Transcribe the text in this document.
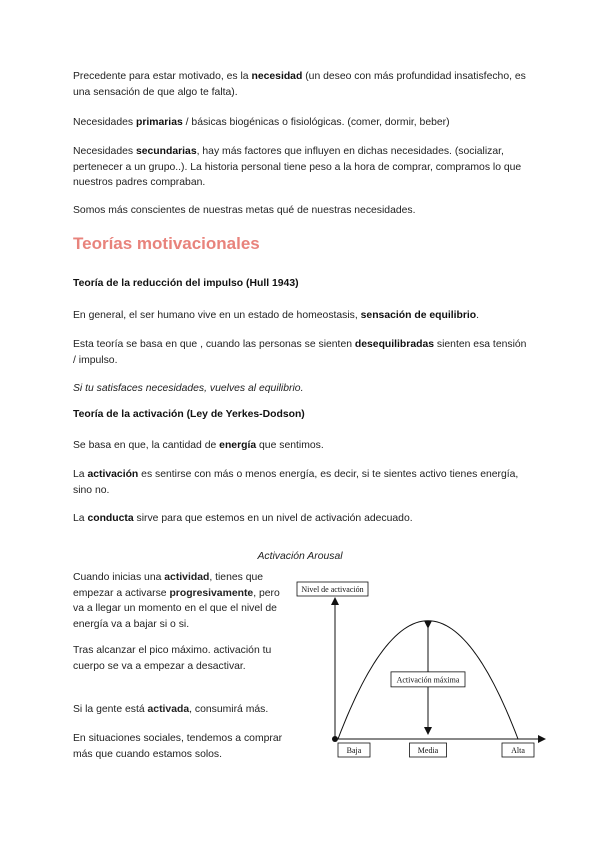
Precedente para estar motivado, es la necesidad (un deseo con más profundidad insatisfecho, es una sensación de que algo te falta).

Necesidades primarias / básicas biogénicas o fisiológicas. (comer, dormir, beber)

Necesidades secundarias, hay más factores que influyen en dichas necesidades. (socializar, pertenecer a un grupo..). La historia personal tiene peso a la hora de comprar, compramos lo que nuestros padres compraban.

Somos más conscientes de nuestras metas qué de nuestras necesidades.

Teorías motivacionales

Teoría de la reducción del impulso (Hull 1943)

En general, el ser humano vive en un estado de homeostasis, sensación de equilibrio.

Esta teoría se basa en que , cuando las personas se sienten desequilibradas sienten esa tensión / impulso.

Si tu satisfaces necesidades, vuelves al equilibrio.

Teoría de la activación (Ley de Yerkes-Dodson)

Se basa en que, la cantidad de energía que sentimos.

La activación es sentirse con más o menos energía, es decir, si te sientes activo tienes energía, sino no.

La conducta sirve para que estemos en un nivel de activación adecuado.

Activación Arousal

Cuando inicias una actividad, tienes que empezar a activarse progresivamente, pero va a llegar un momento en el que el nivel de energía va a bajar si o si.

Tras alcanzar el pico máximo. activación tu cuerpo se va a empezar a desactivar.

Si la gente está activada, consumirá más.

En situaciones sociales, tendemos a comprar más que cuando estamos solos.

Nivel de activación
Activación máxima
Baja	Media	Alta
